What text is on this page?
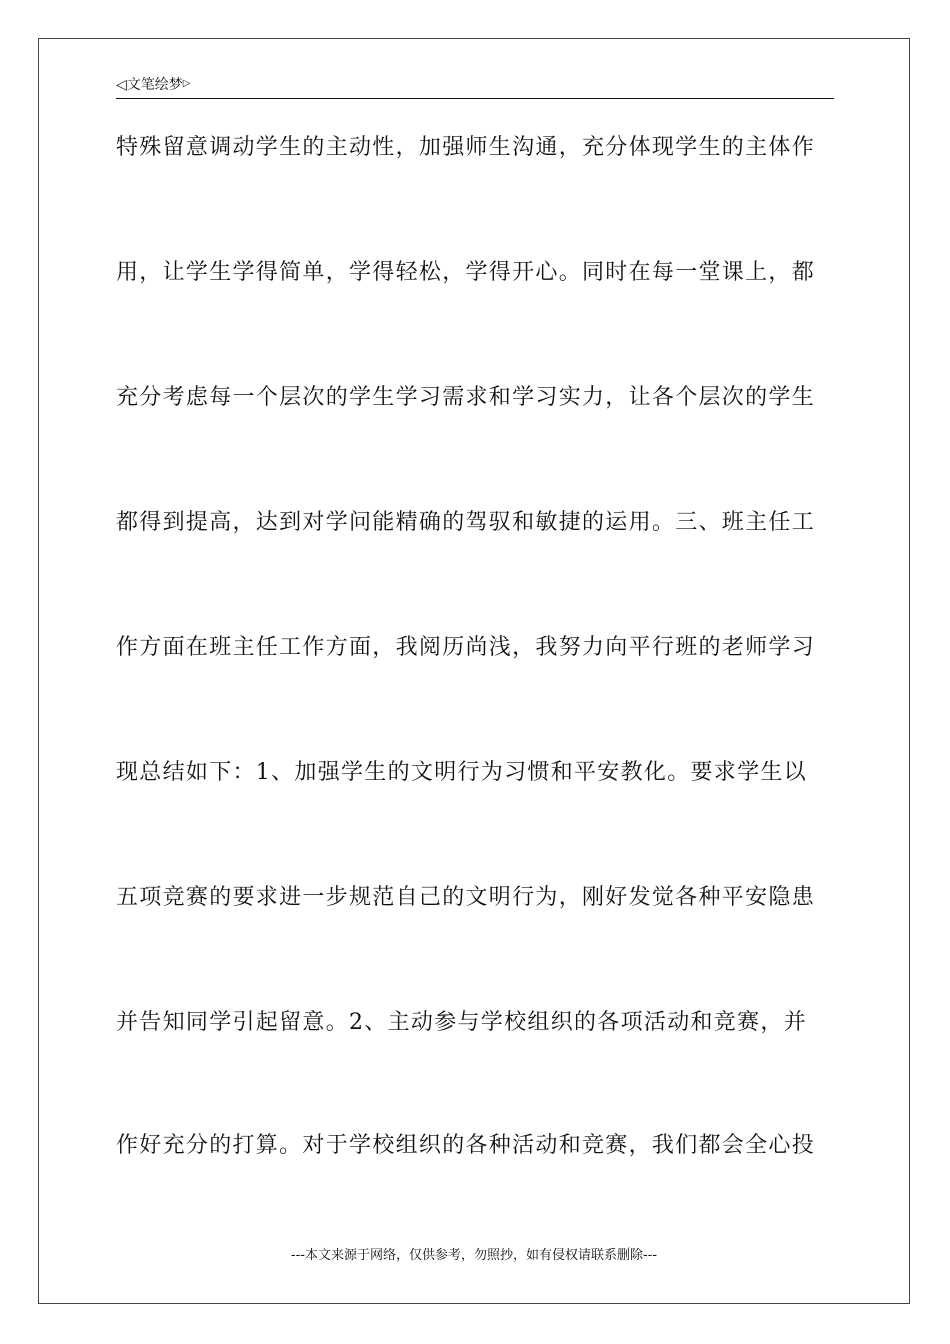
◁文笔绘梦▷
特殊留意调动学生的主动性，加强师生沟通，充分体现学生的主体作
用，让学生学得简单，学得轻松，学得开心。同时在每一堂课上，都
充分考虑每一个层次的学生学习需求和学习实力，让各个层次的学生
都得到提高，达到对学问能精确的驾驭和敏捷的运用。三、班主任工
作方面在班主任工作方面，我阅历尚浅，我努力向平行班的老师学习
现总结如下：1、加强学生的文明行为习惯和平安教化。要求学生以
五项竞赛的要求进一步规范自己的文明行为，刚好发觉各种平安隐患
并告知同学引起留意。2、主动参与学校组织的各项活动和竞赛，并
作好充分的打算。对于学校组织的各种活动和竞赛，我们都会全心投
---本文来源于网络，仅供参考，勿照抄，如有侵权请联系删除---
